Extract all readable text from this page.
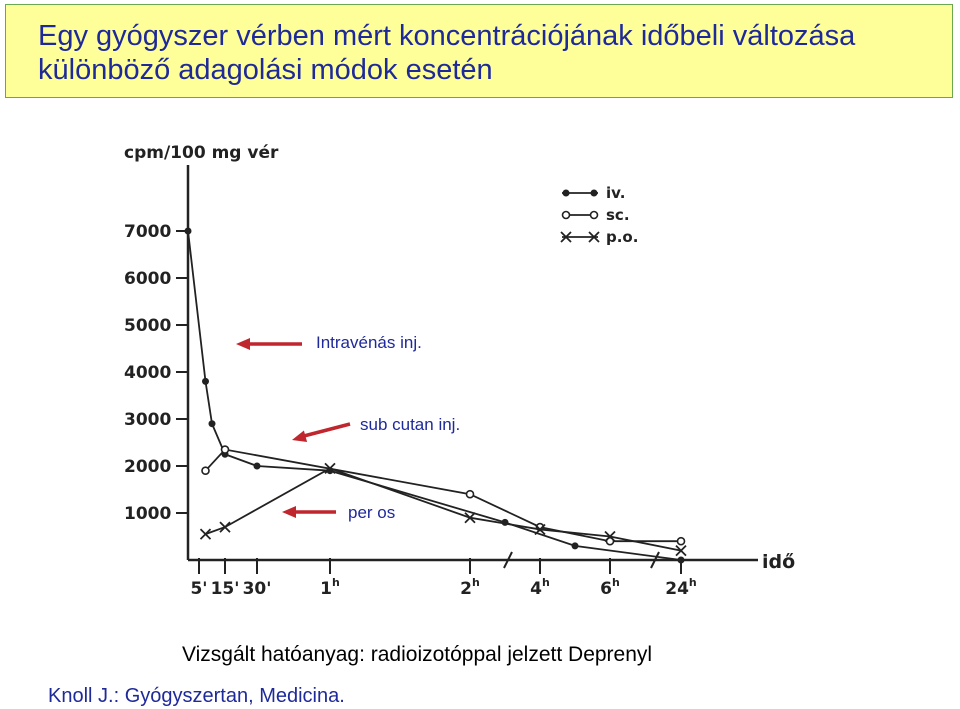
Egy gyógyszer vérben mért koncentrációjának időbeli változása különböző adagolási módok esetén
1000
2000
3000
4000
5000
6000
7000
5' 15' 30'	1$^h$	2$^h$	4$^h$	6$^h$	24$^h$
iv.
sc.
p.o.
Intravénás inj.
sub cutan inj.
per os
cpm/100 mg vér
idő
Vizsgált hatóanyag: radioizotóppal jelzett Deprenyl
Knoll J.: Gyógyszertan, Medicina.
